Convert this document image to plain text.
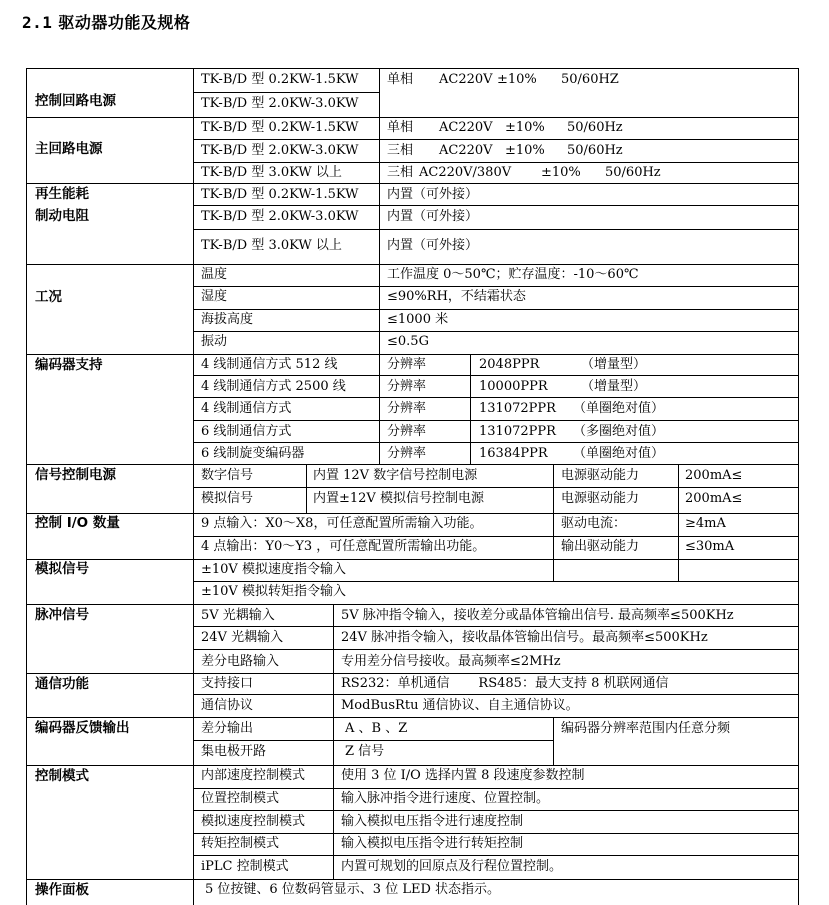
2.1 驱动器功能及规格
控制回路电源
主回路电源
再生能耗
制动电阻
工况
编码器支持
信号控制电源
控制 I/O 数量
模拟信号
脉冲信号
通信功能
编码器反馈输出
控制模式
操作面板
TK-B/D 型 0.2KW-1.5KW
TK-B/D 型 2.0KW-3.0KW
单相 AC220V ±10% 50/60HZ
TK-B/D 型 0.2KW-1.5KW
TK-B/D 型 2.0KW-3.0KW
TK-B/D 型 3.0KW 以上
单相 AC220V ±10% 50/60Hz
三相 AC220V ±10% 50/60Hz
三相 AC220V/380V ±10% 50/60Hz
TK-B/D 型 0.2KW-1.5KW
TK-B/D 型 2.0KW-3.0KW
TK-B/D 型 3.0KW 以上
内置（可外接）
内置（可外接）
内置（可外接）
温度
湿度
海拔高度
振动
工作温度 0～50℃；贮存温度：-10～60℃
≤90%RH，不结霜状态
≤1000 米
≤0.5G
4 线制通信方式 512 线
4 线制通信方式 2500 线
4 线制通信方式
6 线制通信方式
6 线制旋变编码器
分辨率
分辨率
分辨率
分辨率
分辨率
2048PPR
10000PPR
131072PPR
131072PPR
16384PPR
（增量型）
（增量型）
（单圈绝对值）
（多圈绝对值）
（单圈绝对值）
数字信号
模拟信号
内置 12V 数字信号控制电源
内置±12V 模拟信号控制电源
电源驱动能力
电源驱动能力
200mA≤
200mA≤
9 点输入：X0～X8，可任意配置所需输入功能。
4 点输出：Y0～Y3 ，可任意配置所需输出功能。
驱动电流：
输出驱动能力
≥4mA
≤30mA
±10V 模拟速度指令输入
±10V 模拟转矩指令输入
5V 光耦输入
24V 光耦输入
差分电路输入
5V 脉冲指令输入，接收差分或晶体管输出信号. 最高频率≤500KHz
24V 脉冲指令输入，接收晶体管输出信号。最高频率≤500KHz
专用差分信号接收。最高频率≤2MHz
支持接口
通信协议
RS232：单机通信       RS485：最大支持 8 机联网通信
ModBusRtu 通信协议、自主通信协议。
差分输出
集电极开路
A 、B 、Z
Z 信号
编码器分辨率范围内任意分频
内部速度控制模式
位置控制模式
模拟速度控制模式
转矩控制模式
iPLC 控制模式
使用 3 位 I/O 选择内置 8 段速度参数控制
输入脉冲指令进行速度、位置控制。
输入模拟电压指令进行速度控制
输入模拟电压指令进行转矩控制
内置可规划的回原点及行程位置控制。
5 位按键、6 位数码管显示、3 位 LED 状态指示。
